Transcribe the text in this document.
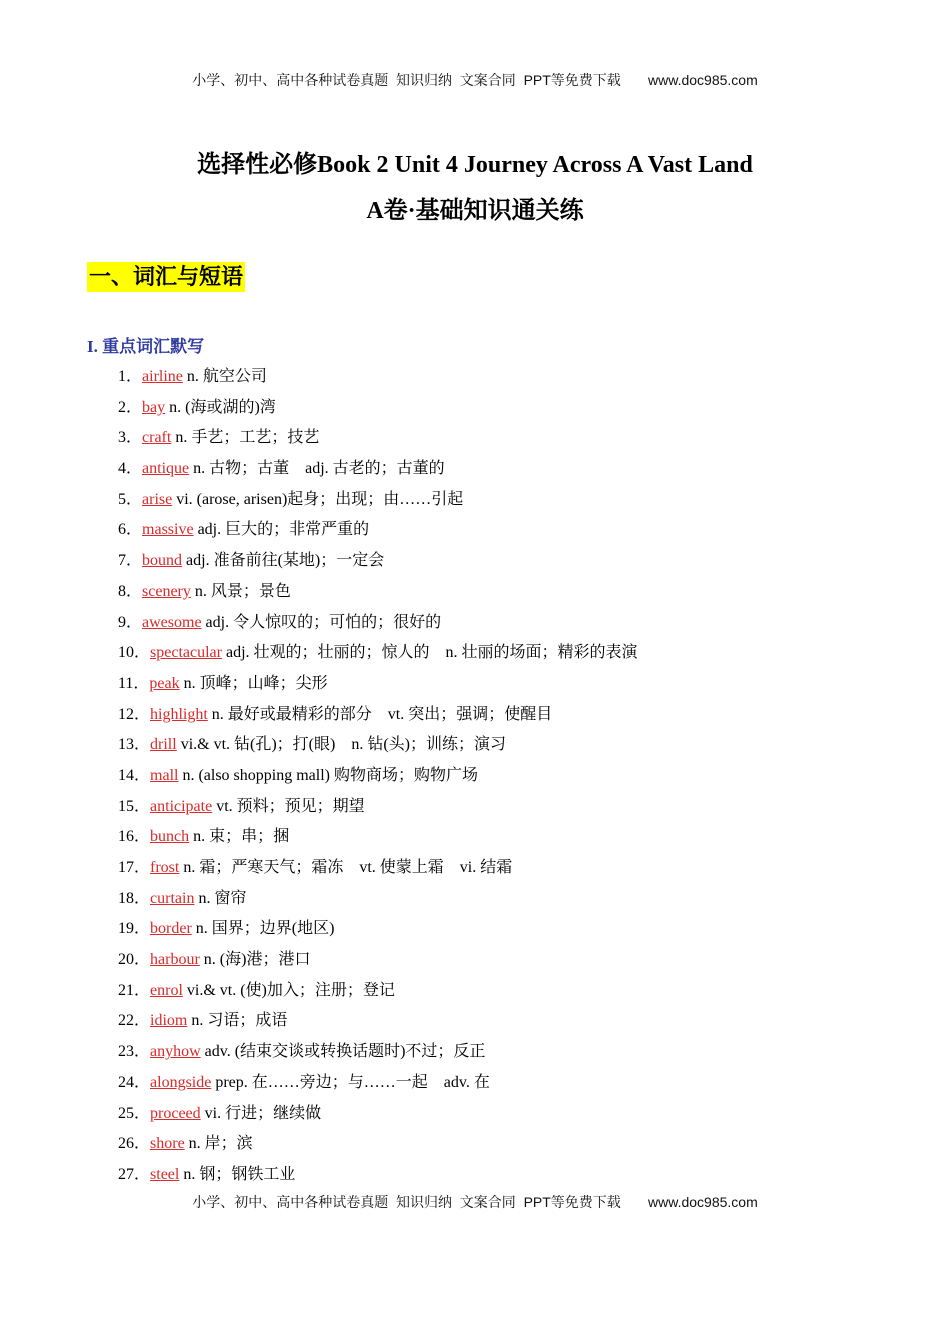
小学、初中、高中各种试卷真题  知识归纳  文案合同  PPT等免费下载       www.doc985.com
选择性必修Book 2 Unit 4 Journey Across A Vast Land
A卷·基础知识通关练
一、词汇与短语
I. 重点词汇默写
1．airline n. 航空公司
2．bay n. (海或湖的)湾
3．craft n. 手艺；工艺；技艺
4．antique n. 古物；古董    adj. 古老的；古董的
5．arise vi. (arose, arisen)起身；出现；由……引起
6．massive adj. 巨大的；非常严重的
7．bound adj. 准备前往(某地)；一定会
8．scenery n. 风景；景色
9．awesome adj. 令人惊叹的；可怕的；很好的
10．spectacular adj. 壮观的；壮丽的；惊人的    n. 壮丽的场面；精彩的表演
11．peak n. 顶峰；山峰；尖形
12．highlight n. 最好或最精彩的部分    vt. 突出；强调；使醒目
13．drill vi.& vt. 钻(孔)；打(眼)    n. 钻(头)；训练；演习
14．mall n. (also shopping mall) 购物商场；购物广场
15．anticipate vt. 预料；预见；期望
16．bunch n. 束；串；捆
17．frost n. 霜；严寒天气；霜冻    vt. 使蒙上霜    vi. 结霜
18．curtain n. 窗帘
19．border n. 国界；边界(地区)
20．harbour n. (海)港；港口
21．enrol vi.& vt. (使)加入；注册；登记
22．idiom n. 习语；成语
23．anyhow adv. (结束交谈或转换话题时)不过；反正
24．alongside prep. 在……旁边；与……一起    adv. 在
25．proceed vi. 行进；继续做
26．shore n. 岸；滨
27．steel n. 钢；钢铁工业
小学、初中、高中各种试卷真题  知识归纳  文案合同  PPT等免费下载       www.doc985.com
